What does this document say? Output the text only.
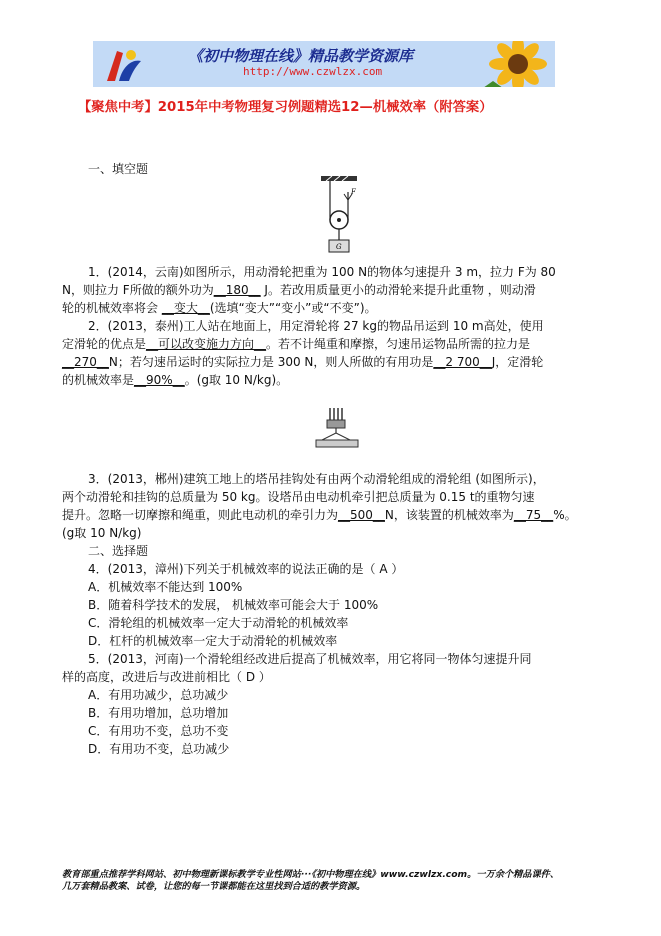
《初中物理在线》精品教学资源库
http://www.czwlzx.com
【聚焦中考】2015年中考物理复习例题精选12—机械效率（附答案）
一、填空题
F
G
1．(2014，云南)如图所示，用动滑轮把重为 100 N的物体匀速提升 3 m，拉力 F为 80
N，则拉力 F所做的额外功为__180__ J。若改用质量更小的动滑轮来提升此重物 ，则动滑
轮的机械效率将会 __变大__(选填“变大”“变小”或“不变”)。
2．(2013，泰州)工人站在地面上，用定滑轮将 27 kg的物品吊运到 10 m高处，使用
定滑轮的优点是__可以改变施力方向__。若不计绳重和摩擦，匀速吊运物品所需的拉力是
__270__N；若匀速吊运时的实际拉力是 300 N，则人所做的有用功是__2 700__J，定滑轮
的机械效率是__90%__。(g取 10 N/kg)。
3．(2013，郴州)建筑工地上的塔吊挂钩处有由两个动滑轮组成的滑轮组 (如图所示)，
两个动滑轮和挂钩的总质量为 50 kg。设塔吊由电动机牵引把总质量为 0.15 t的重物匀速
提升。忽略一切摩擦和绳重，则此电动机的牵引力为__500__N，该装置的机械效率为__75__%。
(g取 10 N/kg)
二、选择题
4．(2013，漳州)下列关于机械效率的说法正确的是（ A ）
A．机械效率不能达到 100%
B．随着科学技术的发展， 机械效率可能会大于 100%
C．滑轮组的机械效率一定大于动滑轮的机械效率
D．杠杆的机械效率一定大于动滑轮的机械效率
5．(2013，河南)一个滑轮组经改进后提高了机械效率，用它将同一物体匀速提升同
样的高度，改进后与改进前相比（ D ）
A．有用功减少，总功减少
B．有用功增加，总功增加
C．有用功不变，总功不变
D．有用功不变，总功减少
教育部重点推荐学科网站、初中物理新课标教学专业性网站···《初中物理在线》www.czwlzx.com。一万余个精品课件、
几万套精品教案、试卷，让您的每一节课都能在这里找到合适的教学资源。
